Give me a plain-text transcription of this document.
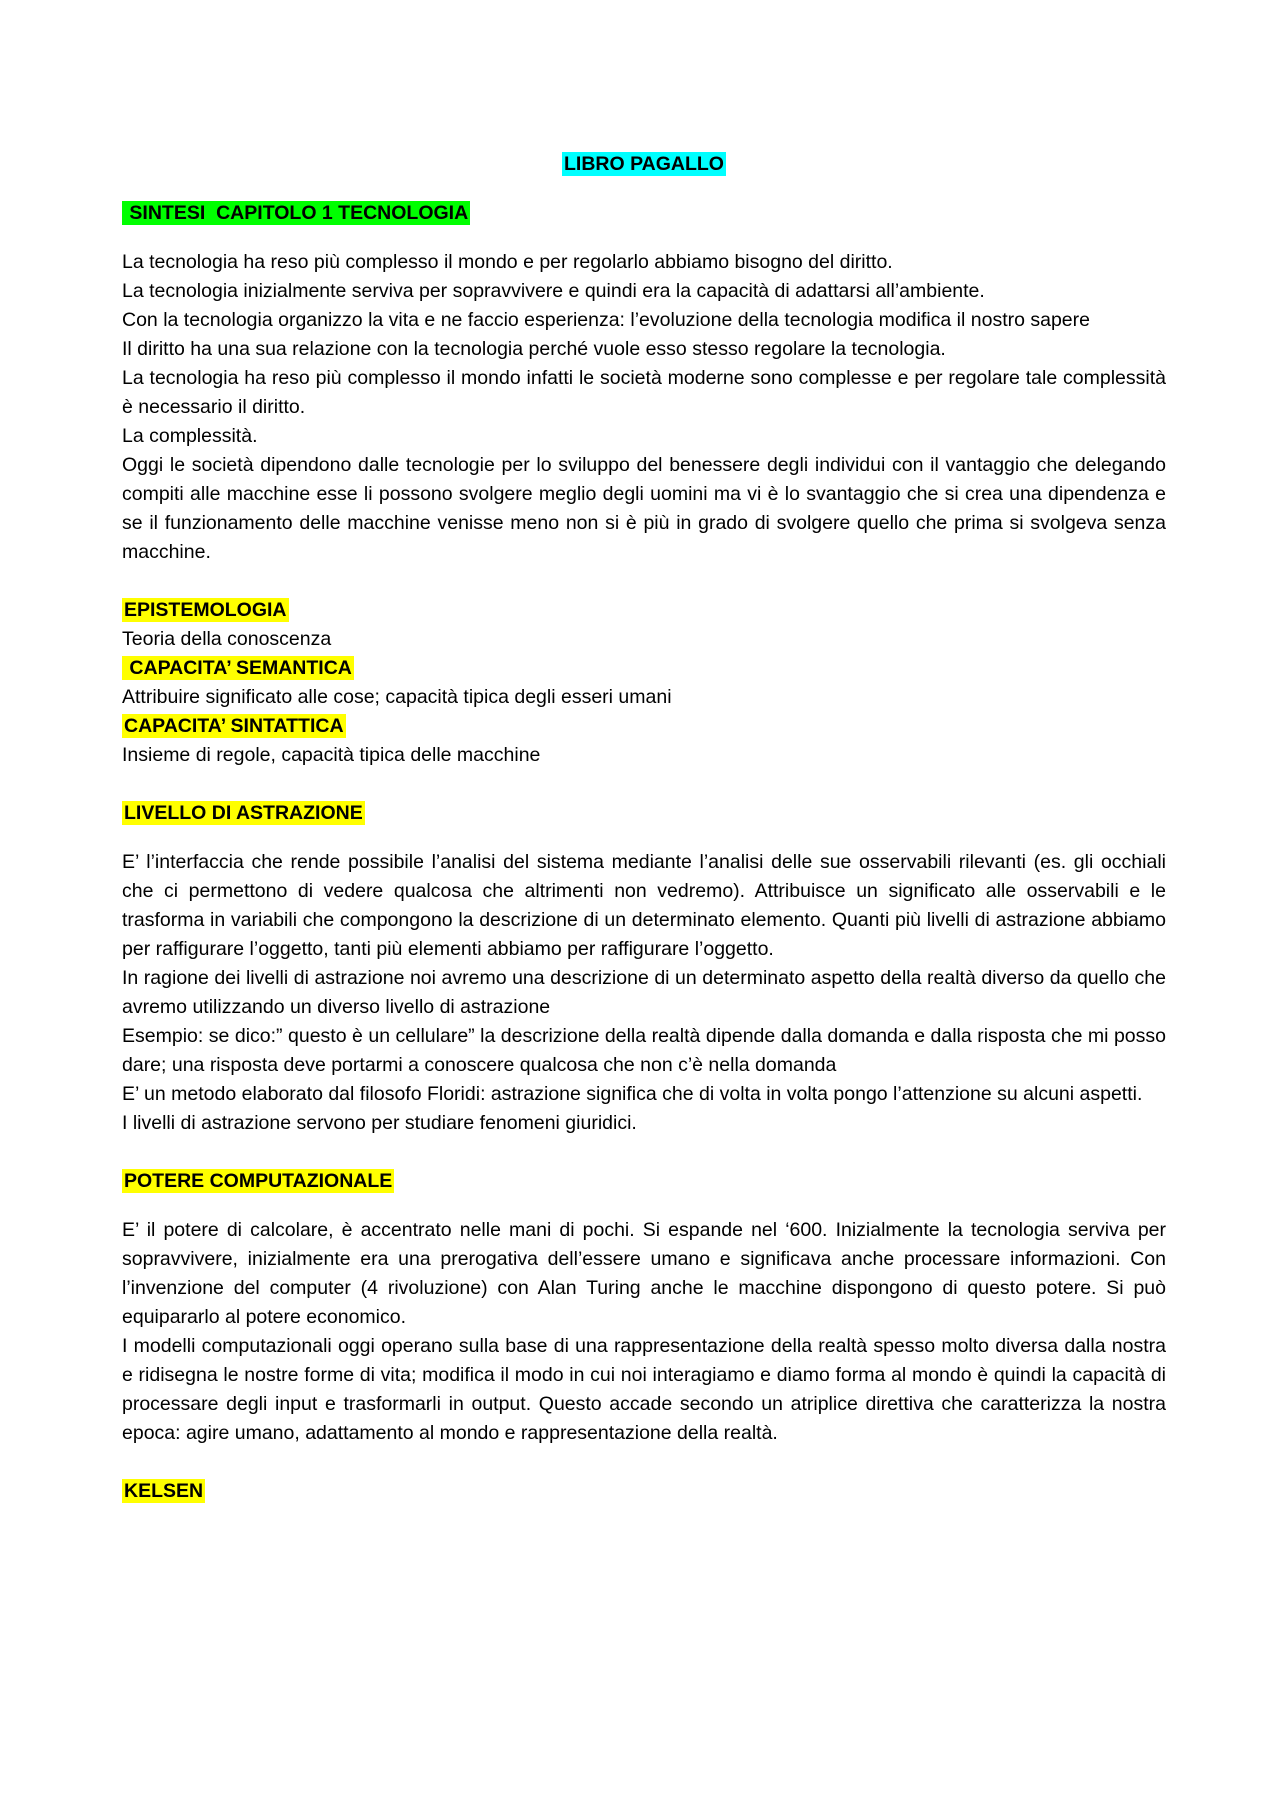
LIBRO PAGALLO
SINTESI  CAPITOLO 1 TECNOLOGIA

La tecnologia ha reso più complesso il mondo e per regolarlo abbiamo bisogno del diritto.

La tecnologia inizialmente serviva per sopravvivere e quindi era la capacità di adattarsi all’ambiente.

Con la tecnologia organizzo la vita e ne faccio esperienza: l’evoluzione della tecnologia modifica il nostro sapere

Il diritto ha una sua relazione con la tecnologia perché vuole esso stesso regolare la tecnologia.

La tecnologia ha reso più complesso il mondo infatti le società moderne sono complesse e per regolare tale complessità è necessario il diritto.

La complessità.

Oggi le società dipendono dalle tecnologie per lo sviluppo del benessere degli individui con il vantaggio che delegando compiti alle macchine esse li possono svolgere meglio degli uomini ma vi è lo svantaggio che si crea una dipendenza e se il funzionamento delle macchine venisse meno non si è più in grado di svolgere quello che prima si svolgeva senza macchine.

EPISTEMOLOGIA

Teoria della conoscenza

CAPACITA’ SEMANTICA

Attribuire significato alle cose; capacità tipica degli esseri umani

CAPACITA’ SINTATTICA

Insieme di regole, capacità tipica delle macchine

LIVELLO DI ASTRAZIONE

E’ l’interfaccia che rende possibile l’analisi del sistema mediante l’analisi delle sue osservabili rilevanti (es. gli occhiali che ci permettono di vedere qualcosa che altrimenti non vedremo). Attribuisce un significato alle osservabili e le trasforma in variabili che compongono la descrizione di un determinato elemento. Quanti più livelli di astrazione abbiamo per raffigurare l’oggetto, tanti più elementi abbiamo per raffigurare l’oggetto.

In ragione dei livelli di astrazione noi avremo una descrizione di un determinato aspetto della realtà diverso da quello che avremo utilizzando un diverso livello di astrazione

Esempio: se dico:” questo è un cellulare” la descrizione della realtà dipende dalla domanda e dalla risposta che mi posso dare; una risposta deve portarmi a conoscere qualcosa che non c’è nella domanda

E’ un metodo elaborato dal filosofo Floridi: astrazione significa che di volta in volta pongo l’attenzione su alcuni aspetti.

I livelli di astrazione servono per studiare fenomeni giuridici.

POTERE COMPUTAZIONALE

E’ il potere di calcolare, è accentrato nelle mani di pochi. Si espande nel ‘600. Inizialmente la tecnologia serviva per sopravvivere, inizialmente era una prerogativa dell’essere umano e significava anche processare informazioni. Con l’invenzione del computer (4 rivoluzione) con Alan Turing anche le macchine dispongono di questo potere. Si può equipararlo al potere economico.

I modelli computazionali oggi operano sulla base di una rappresentazione della realtà spesso molto diversa dalla nostra e ridisegna le nostre forme di vita; modifica il modo in cui noi interagiamo e diamo forma al mondo è quindi la capacità di processare degli input e trasformarli in output. Questo accade secondo un atriplice direttiva che caratterizza la nostra epoca: agire umano, adattamento al mondo e rappresentazione della realtà.

KELSEN
